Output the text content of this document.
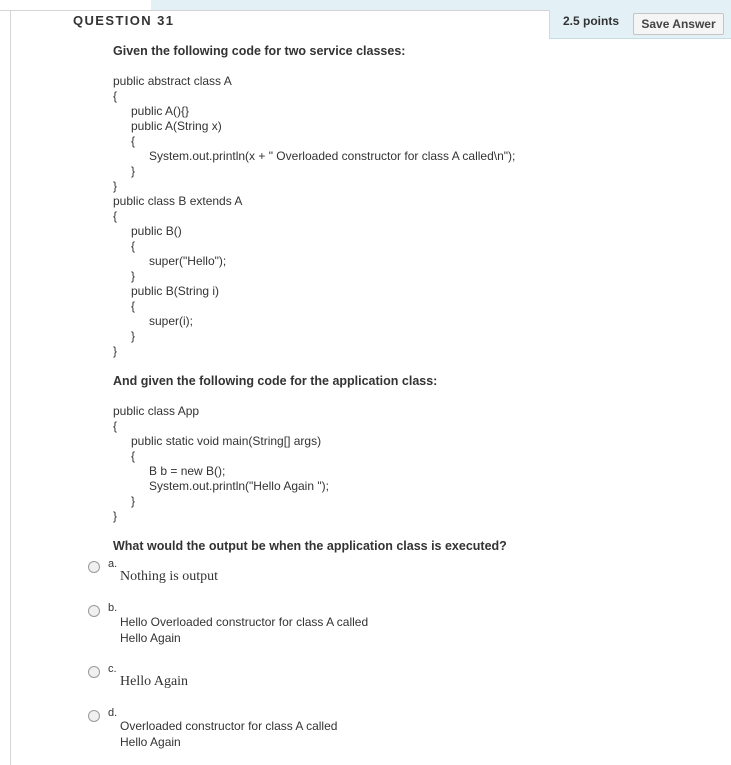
QUESTION 31	2.5 points	Save Answer
Given the following code for two service classes:
public abstract class A
{
public A(){}
public A(String x)
{
System.out.println(x + " Overloaded constructor for class A called\n");
}
}
public class B extends A
{
public B()
{
super("Hello");
}
public B(String i)
{
super(i);
}
}
And given the following code for the application class:
public class App
{
public static void main(String[] args)
{
B b = new B();
System.out.println("Hello Again ");
}
}
What would the output be when the application class is executed?
a.
Nothing is output
b.
Hello Overloaded constructor for class A called
Hello Again
c.
Hello Again
d.
Overloaded constructor for class A called
Hello Again
